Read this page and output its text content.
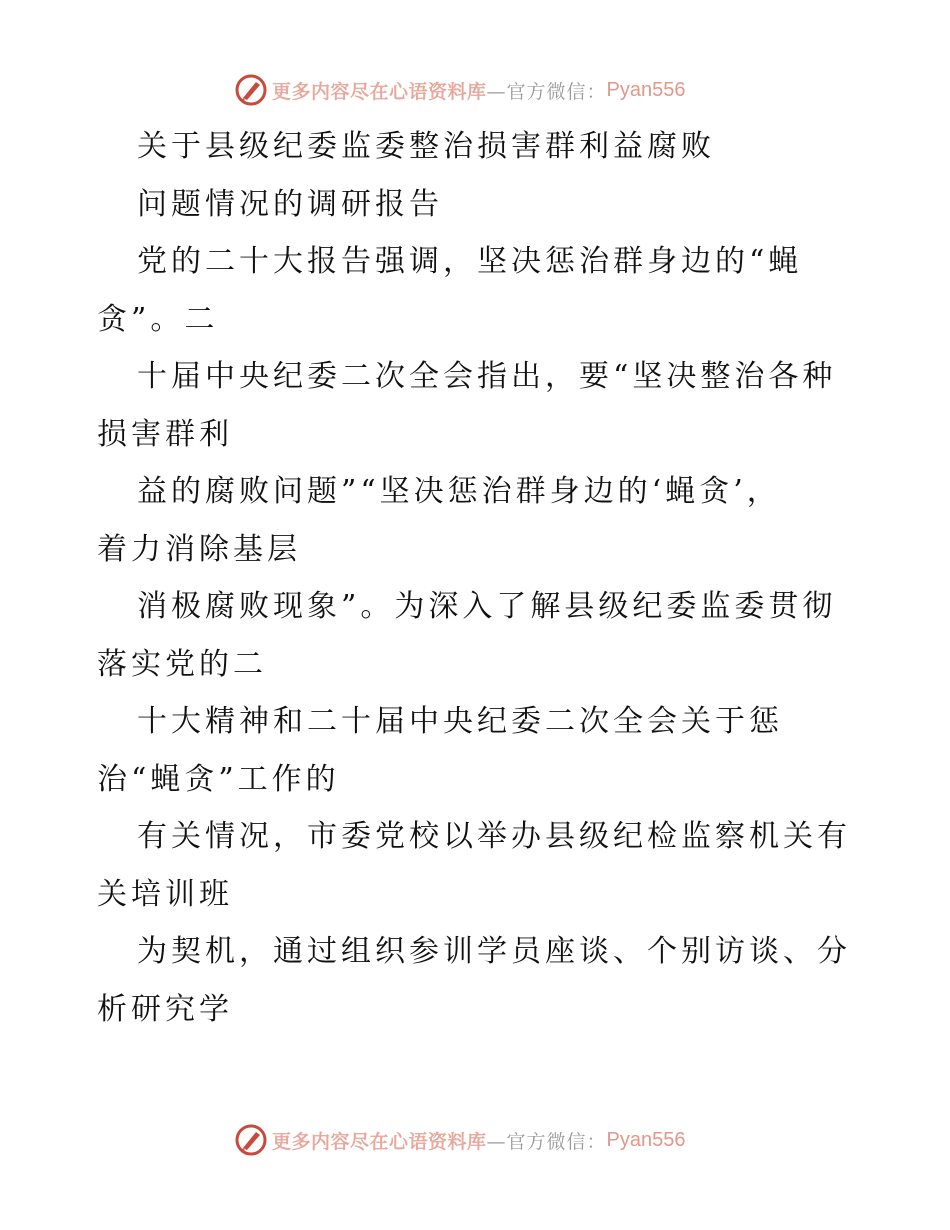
更多内容尽在心语资料库 —官方微信： Pyan556
关于县级纪委监委整治损害群利益腐败
问题情况的调研报告
党的二十大报告强调，坚决惩治群身边的“蝇
贪”。二
十届中央纪委二次全会指出，要“坚决整治各种
损害群利
益的腐败问题”“坚决惩治群身边的‘蝇贪’，
着力消除基层
消极腐败现象”。为深入了解县级纪委监委贯彻
落实党的二
十大精神和二十届中央纪委二次全会关于惩
治“蝇贪”工作的
有关情况，市委党校以举办县级纪检监察机关有
关培训班
为契机，通过组织参训学员座谈、个别访谈、分
析研究学
更多内容尽在心语资料库 —官方微信： Pyan556
